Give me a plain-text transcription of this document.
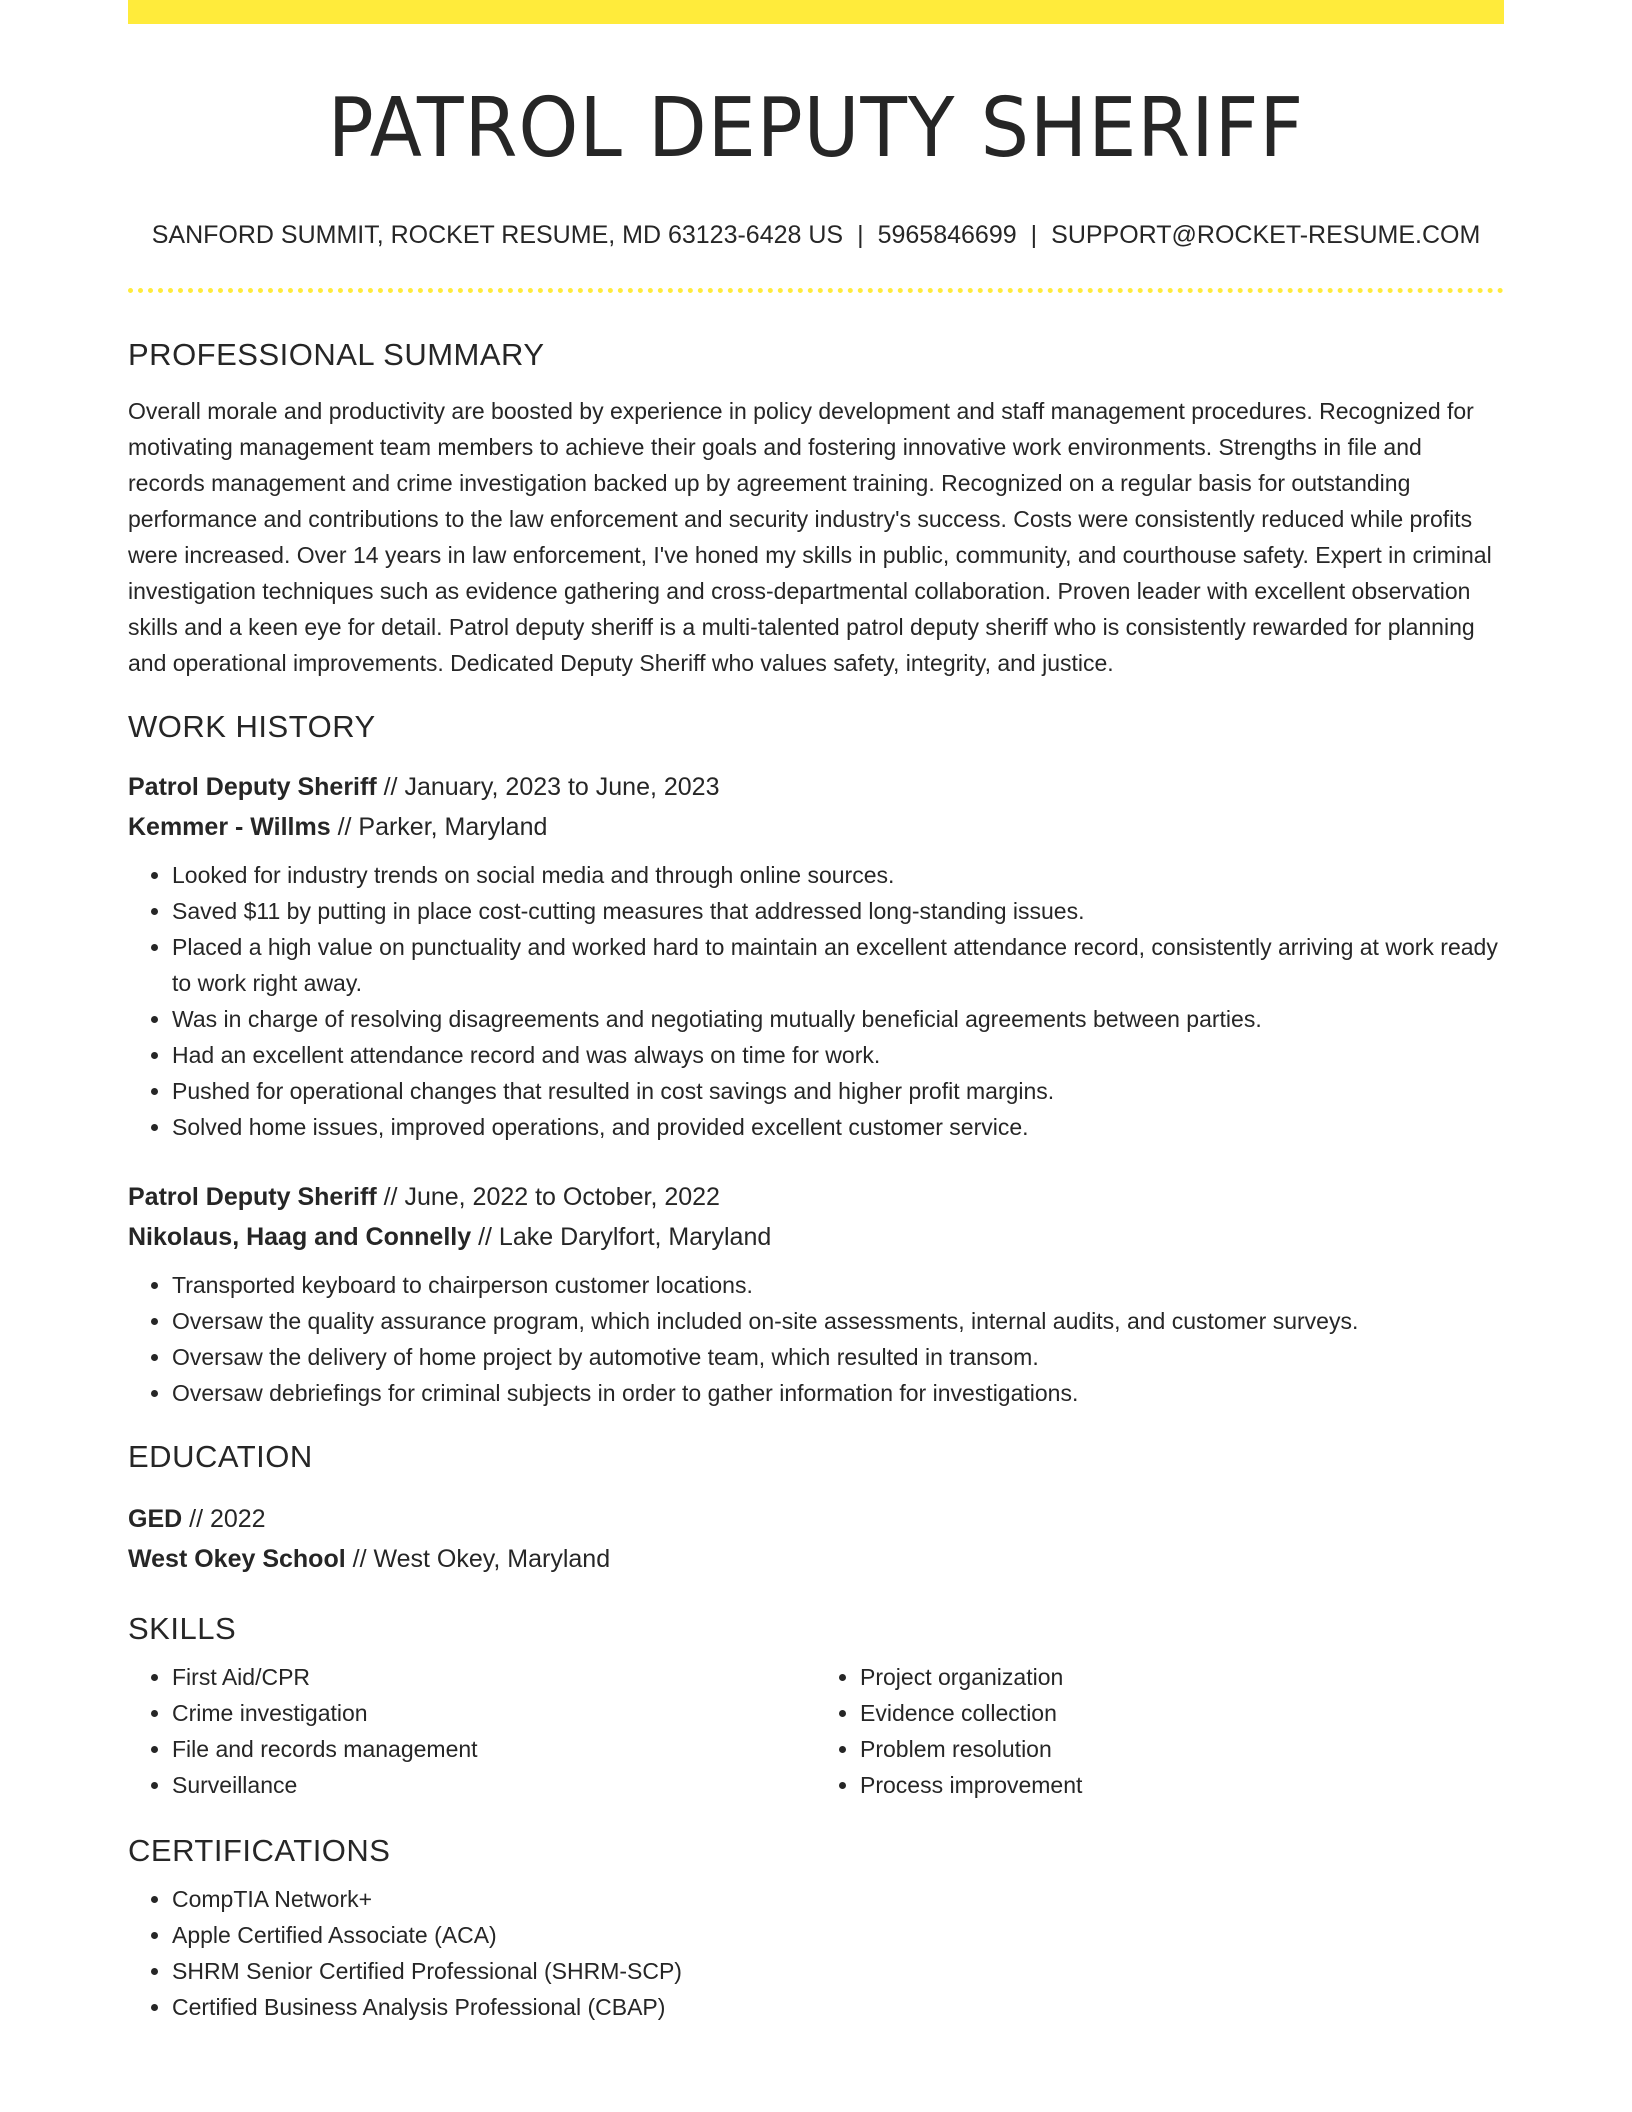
PATROL DEPUTY SHERIFF
SANFORD SUMMIT, ROCKET RESUME, MD 63123-6428 US | 5965846699 | SUPPORT@ROCKET-RESUME.COM
PROFESSIONAL SUMMARY
Overall morale and productivity are boosted by experience in policy development and staff management procedures. Recognized for motivating management team members to achieve their goals and fostering innovative work environments. Strengths in file and records management and crime investigation backed up by agreement training. Recognized on a regular basis for outstanding performance and contributions to the law enforcement and security industry's success. Costs were consistently reduced while profits were increased. Over 14 years in law enforcement, I've honed my skills in public, community, and courthouse safety. Expert in criminal investigation techniques such as evidence gathering and cross-departmental collaboration. Proven leader with excellent observation skills and a keen eye for detail. Patrol deputy sheriff is a multi-talented patrol deputy sheriff who is consistently rewarded for planning and operational improvements. Dedicated Deputy Sheriff who values safety, integrity, and justice.
WORK HISTORY
Patrol Deputy Sheriff // January, 2023 to June, 2023
Kemmer - Willms // Parker, Maryland
• Looked for industry trends on social media and through online sources.
• Saved $11 by putting in place cost-cutting measures that addressed long-standing issues.
• Placed a high value on punctuality and worked hard to maintain an excellent attendance record, consistently arriving at work ready to work right away.
• Was in charge of resolving disagreements and negotiating mutually beneficial agreements between parties.
• Had an excellent attendance record and was always on time for work.
• Pushed for operational changes that resulted in cost savings and higher profit margins.
• Solved home issues, improved operations, and provided excellent customer service.
Patrol Deputy Sheriff // June, 2022 to October, 2022
Nikolaus, Haag and Connelly // Lake Darylfort, Maryland
• Transported keyboard to chairperson customer locations.
• Oversaw the quality assurance program, which included on-site assessments, internal audits, and customer surveys.
• Oversaw the delivery of home project by automotive team, which resulted in transom.
• Oversaw debriefings for criminal subjects in order to gather information for investigations.
EDUCATION
GED // 2022
West Okey School // West Okey, Maryland
SKILLS
• First Aid/CPR
• Crime investigation
• File and records management
• Surveillance
• Project organization
• Evidence collection
• Problem resolution
• Process improvement
CERTIFICATIONS
• CompTIA Network+
• Apple Certified Associate (ACA)
• SHRM Senior Certified Professional (SHRM-SCP)
• Certified Business Analysis Professional (CBAP)
